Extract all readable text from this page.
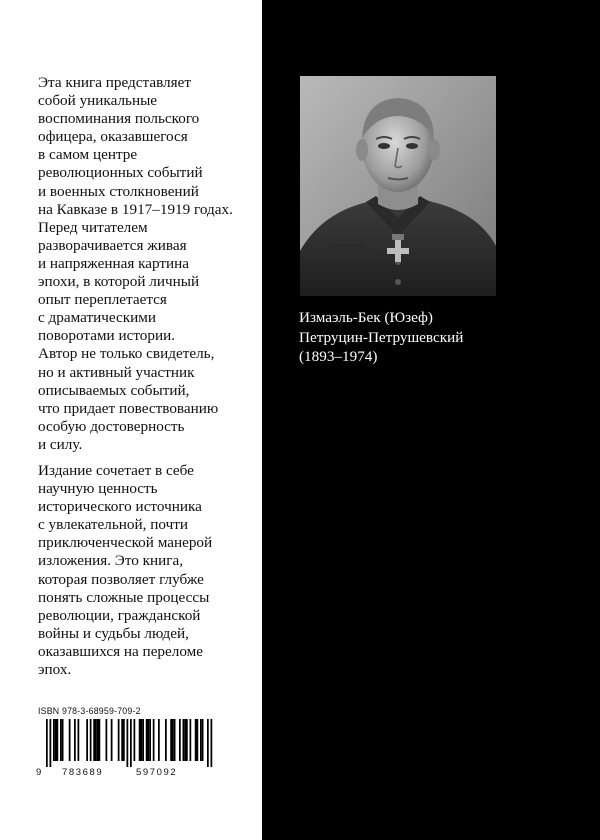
Эта книга представляет
собой уникальные
воспоминания польского
офицера, оказавшегося
в самом центре
революционных событий
и военных столкновений
на Кавказе в 1917–1919 годах.
Перед читателем
разворачивается живая
и напряженная картина
эпохи, в которой личный
опыт переплетается
с драматическими
поворотами истории.
Автор не только свидетель,
но и активный участник
описываемых событий,
что придает повествованию
особую достоверность
и силу.

Издание сочетает в себе
научную ценность
исторического источника
с увлекательной, почти
приключенческой манерой
изложения. Это книга,
которая позволяет глубже
понять сложные процессы
революции, гражданской
войны и судьбы людей,
оказавшихся на переломе
эпох.

ISBN 978-3-68959-709-2
9 783689	597092
Измаэль-Бек (Юзеф)
Петруцин-Петрушевский
(1893–1974)
